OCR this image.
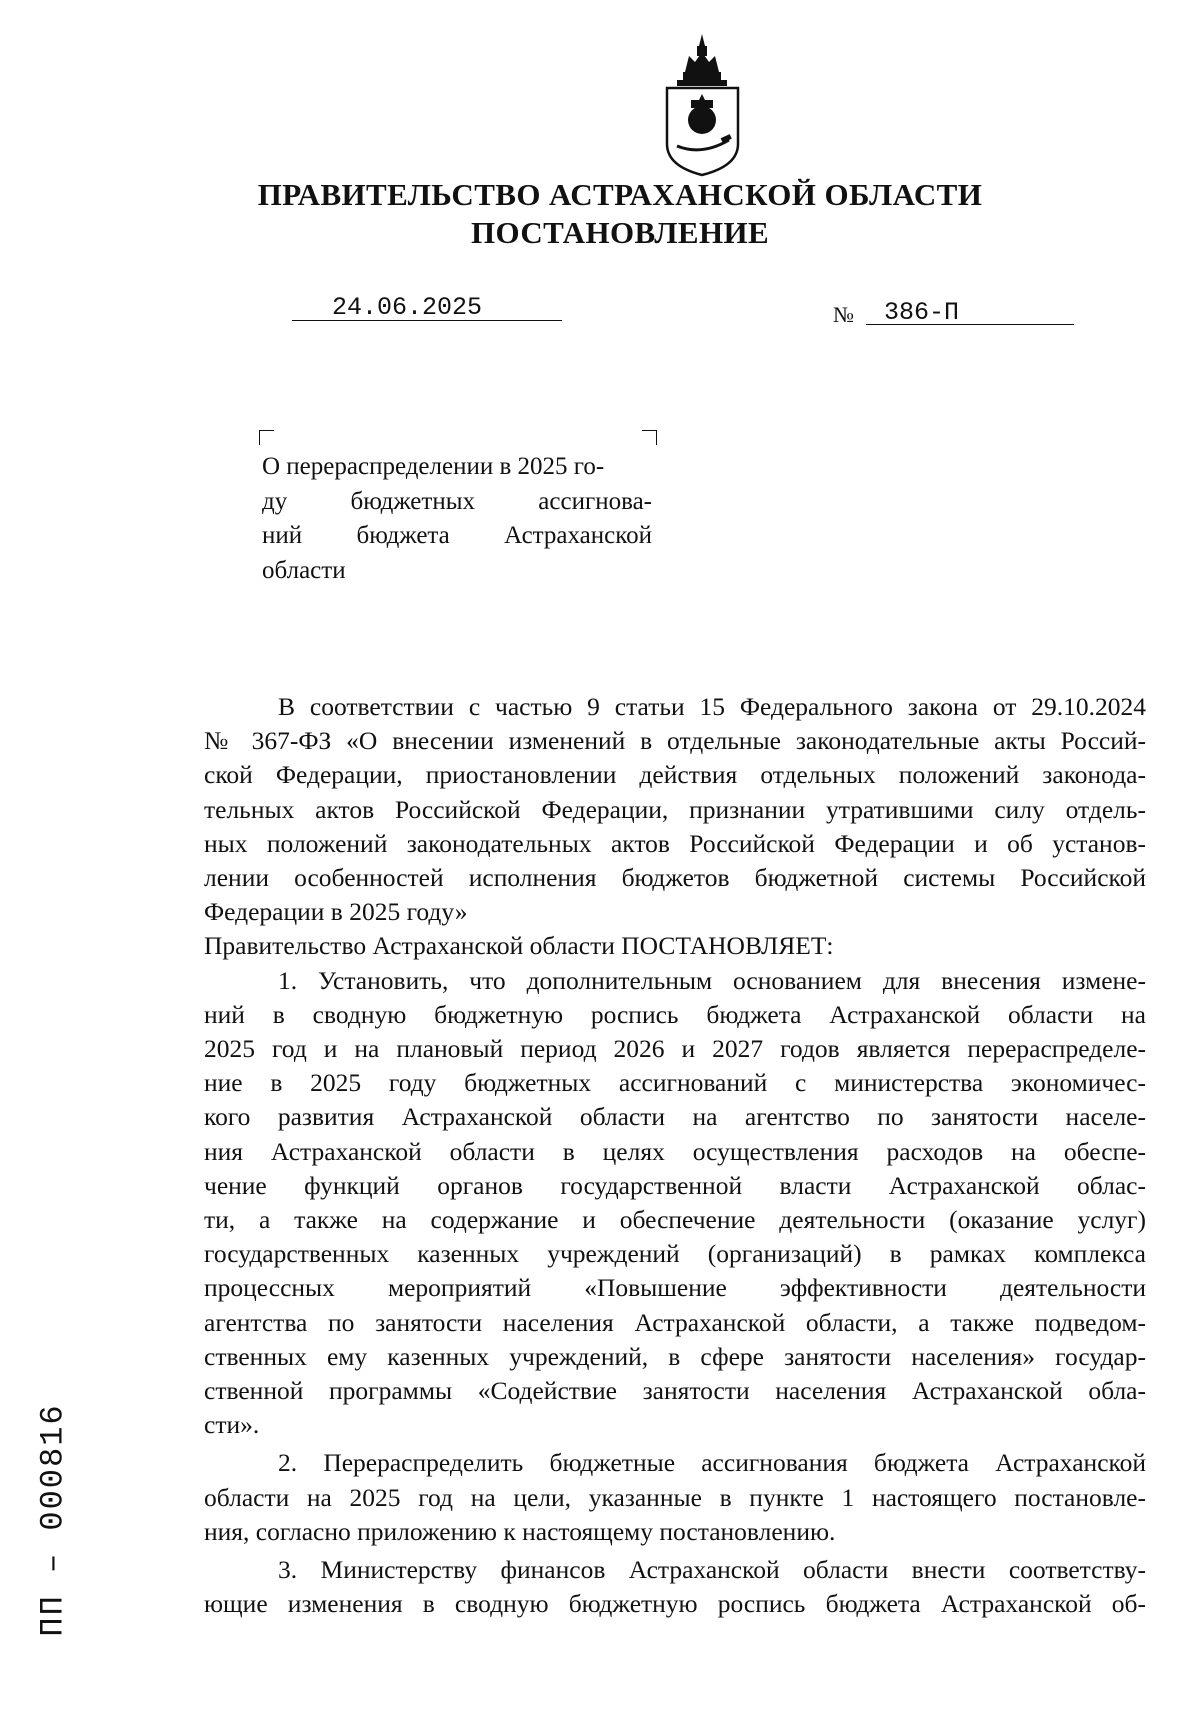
ПРАВИТЕЛЬСТВО АСТРАХАНСКОЙ ОБЛАСТИ
ПОСТАНОВЛЕНИЕ
24.06.2025	№ 386-П
О перераспределении в 2025 го-
ду бюджетных ассигнова-
ний бюджета Астраханской
области
В соответствии с частью 9 статьи 15 Федерального закона от 29.10.2024
№ 367-ФЗ «О внесении изменений в отдельные законодательные акты Россий-
ской Федерации, приостановлении действия отдельных положений законода-
тельных актов Российской Федерации, признании утратившими силу отдель-
ных положений законодательных актов Российской Федерации и об установ-
лении особенностей исполнения бюджетов бюджетной системы Российской
Федерации в 2025 году»
Правительство Астраханской области ПОСТАНОВЛЯЕТ:
1. Установить, что дополнительным основанием для внесения измене-
ний в сводную бюджетную роспись бюджета Астраханской области на
2025 год и на плановый период 2026 и 2027 годов является перераспределе-
ние в 2025 году бюджетных ассигнований с министерства экономичес-
кого развития Астраханской области на агентство по занятости населе-
ния Астраханской области в целях осуществления расходов на обеспе-
чение функций органов государственной власти Астраханской облас-
ти, а также на содержание и обеспечение деятельности (оказание услуг)
государственных казенных учреждений (организаций) в рамках комплекса
процессных мероприятий «Повышение эффективности деятельности
агентства по занятости населения Астраханской области, а также подведом-
ственных ему казенных учреждений, в сфере занятости населения» государ-
ственной программы «Содействие занятости населения Астраханской обла-
сти».
2. Перераспределить бюджетные ассигнования бюджета Астраханской
области на 2025 год на цели, указанные в пункте 1 настоящего постановле-
ния, согласно приложению к настоящему постановлению.
3. Министерству финансов Астраханской области внести соответству-
ющие изменения в сводную бюджетную роспись бюджета Астраханской об-
ПП – 000816
